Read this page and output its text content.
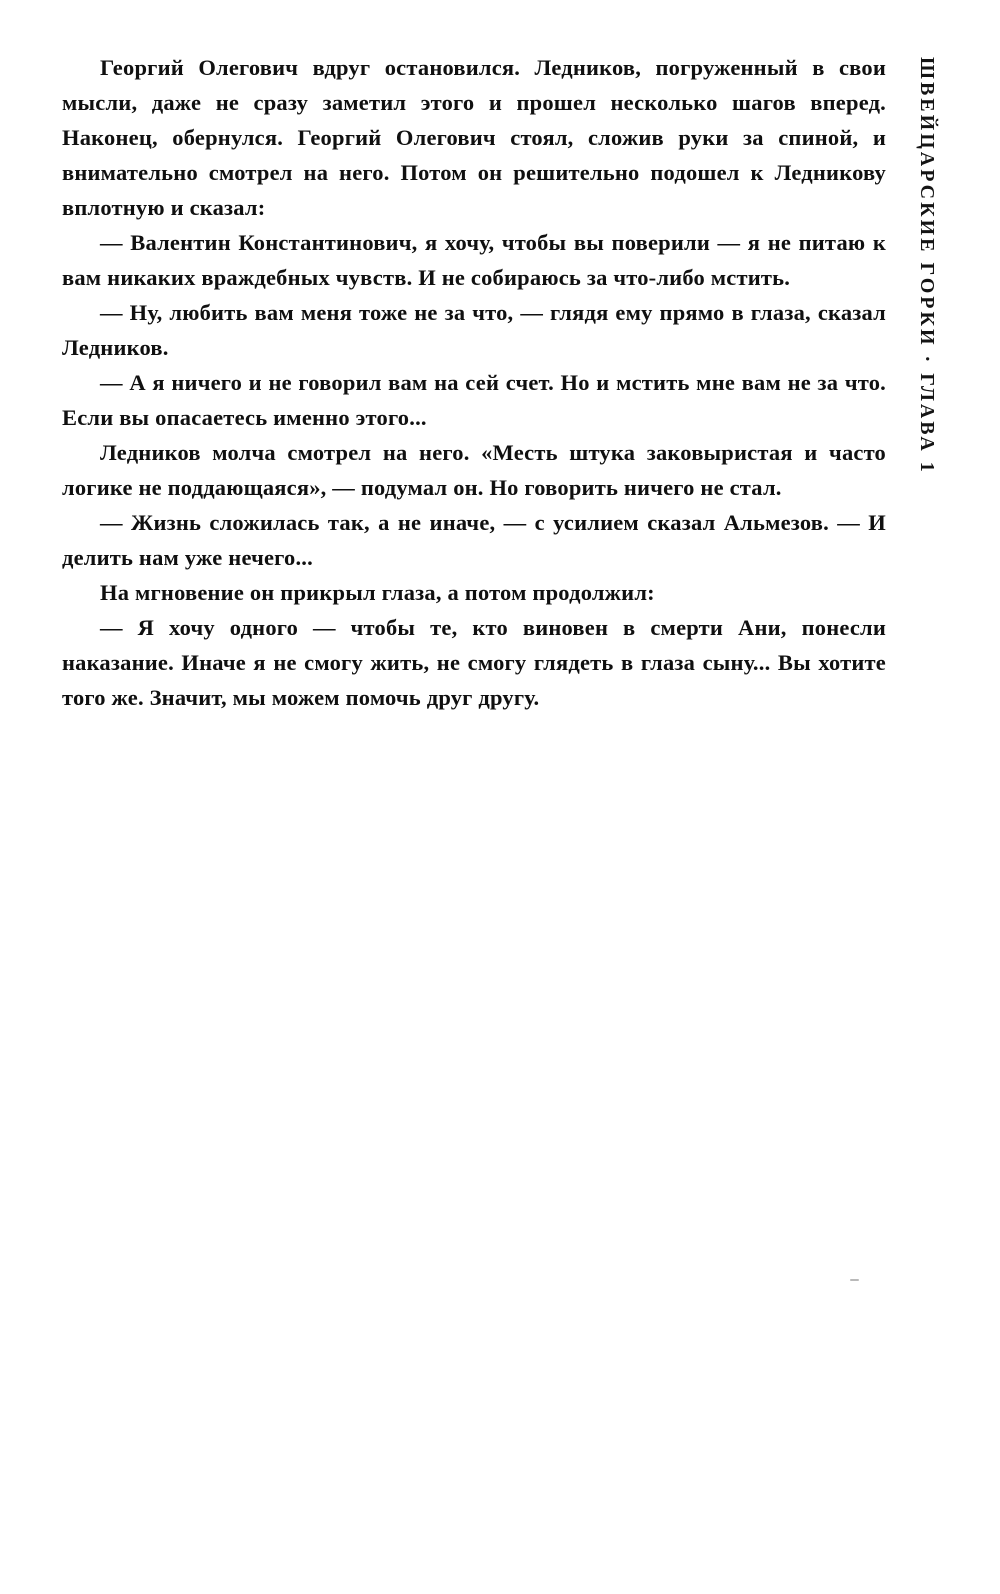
Георгий Олегович вдруг остановился. Ледников, погруженный в свои мысли, даже не сразу заметил этого и прошел несколько шагов вперед. Наконец, обернулся. Георгий Олегович стоял, сложив руки за спиной, и внимательно смотрел на него. Потом он решительно подошел к Ледникову вплотную и сказал:

— Валентин Константинович, я хочу, чтобы вы поверили — я не питаю к вам никаких враждебных чувств. И не собираюсь за что-либо мстить.

— Ну, любить вам меня тоже не за что, — глядя ему прямо в глаза, сказал Ледников.

— А я ничего и не говорил вам на сей счет. Но и мстить мне вам не за что. Если вы опасаетесь именно этого...

Ледников молча смотрел на него. «Месть штука заковыристая и часто логике не поддающаяся», — подумал он. Но говорить ничего не стал.

— Жизнь сложилась так, а не иначе, — с усилием сказал Альмезов. — И делить нам уже нечего...

На мгновение он прикрыл глаза, а потом продолжил:

— Я хочу одного — чтобы те, кто виновен в смерти Ани, понесли наказание. Иначе я не смогу жить, не смогу глядеть в глаза сыну... Вы хотите того же. Значит, мы можем помочь друг другу.

ШВЕЙЦАРСКИЕ ГОРКИ · ГЛАВА 1
